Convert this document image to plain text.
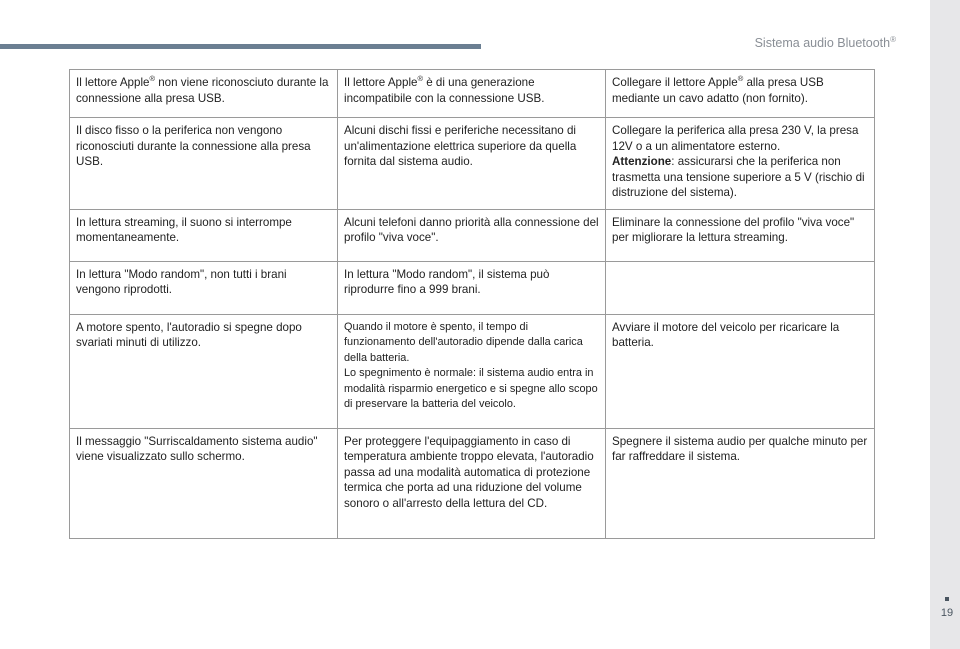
Sistema audio Bluetooth®
19
Il lettore Apple® non viene riconosciuto durante la connessione alla presa USB.	Il lettore Apple® è di una generazione incompatibile con la connessione USB.	Collegare il lettore Apple® alla presa USB mediante un cavo adatto (non fornito).
Il disco fisso o la periferica non vengono riconosciuti durante la connessione alla presa USB.	Alcuni dischi fissi e periferiche necessitano di un'alimentazione elettrica superiore da quella fornita dal sistema audio.	Collegare la periferica alla presa 230 V, la presa 12V o a un alimentatore esterno.
Attenzione: assicurarsi che la periferica non trasmetta una tensione superiore a 5 V (rischio di distruzione del sistema).
In lettura streaming, il suono si interrompe momentaneamente.	Alcuni telefoni danno priorità alla connessione del profilo "viva voce".	Eliminare la connessione del profilo "viva voce" per migliorare la lettura streaming.
In lettura "Modo random", non tutti i brani vengono riprodotti.	In lettura "Modo random", il sistema può riprodurre fino a 999 brani.	
A motore spento, l'autoradio si spegne dopo svariati minuti di utilizzo.	Quando il motore è spento, il tempo di funzionamento dell'autoradio dipende dalla carica della batteria.
Lo spegnimento è normale: il sistema audio entra in modalità risparmio energetico e si spegne allo scopo di preservare la batteria del veicolo.	Avviare il motore del veicolo per ricaricare la batteria.
Il messaggio "Surriscaldamento sistema audio" viene visualizzato sullo schermo.	Per proteggere l'equipaggiamento in caso di temperatura ambiente troppo elevata, l'autoradio passa ad una modalità automatica di protezione termica che porta ad una riduzione del volume sonoro o all'arresto della lettura del CD.	Spegnere il sistema audio per qualche minuto per far raffreddare il sistema.
